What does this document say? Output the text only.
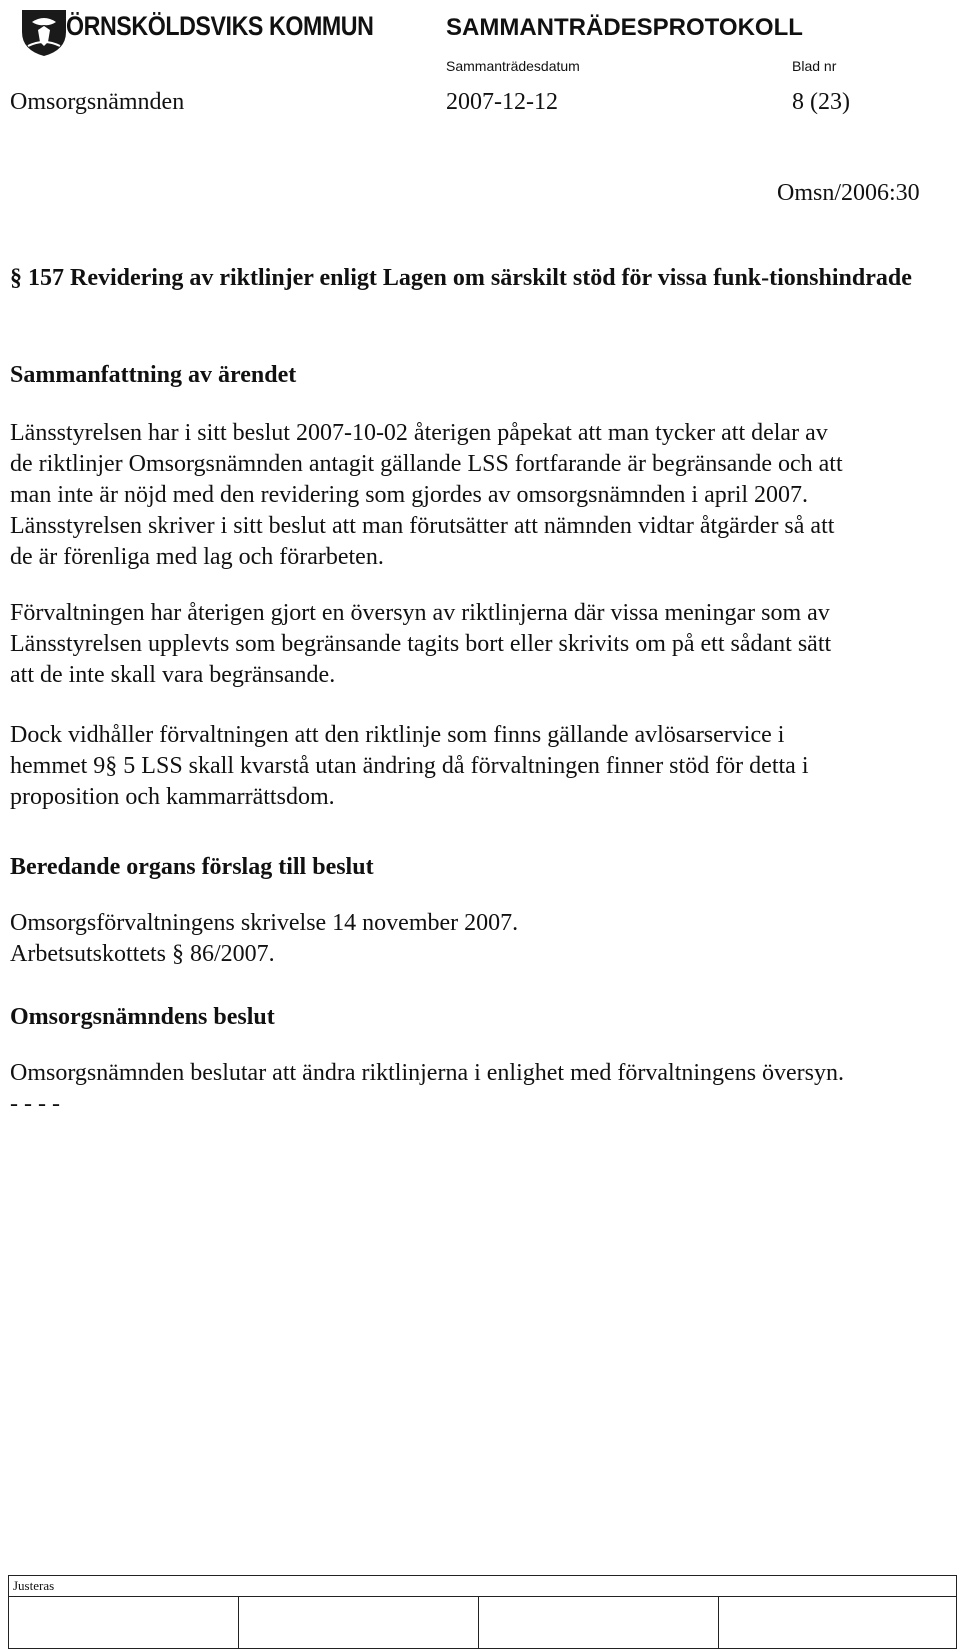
ÖRNSKÖLDSVIKS KOMMUN	SAMMANTRÄDESPROTOKOLL
Sammanträdesdatum	Blad nr
Omsorgsnämnden	2007-12-12	8 (23)
Omsn/2006:30
§ 157 Revidering av riktlinjer enligt Lagen om särskilt stöd för vissa funk-tionshindrade
Sammanfattning av ärendet
Länsstyrelsen har i sitt beslut 2007-10-02 återigen påpekat att man tycker att delar av
de riktlinjer Omsorgsnämnden antagit gällande LSS fortfarande är begränsande och att
man inte är nöjd med den revidering som gjordes av omsorgsnämnden i april 2007.
Länsstyrelsen skriver i sitt beslut att man förutsätter att nämnden vidtar åtgärder så att
de är förenliga med lag och förarbeten.
Förvaltningen har återigen gjort en översyn av riktlinjerna där vissa meningar som av
Länsstyrelsen upplevts som begränsande tagits bort eller skrivits om på ett sådant sätt
att de inte skall vara begränsande.
Dock vidhåller förvaltningen att den riktlinje som finns gällande avlösarservice i
hemmet 9§ 5 LSS skall kvarstå utan ändring då förvaltningen finner stöd för detta i
proposition och kammarrättsdom.
Beredande organs förslag till beslut
Omsorgsförvaltningens skrivelse 14 november 2007.
Arbetsutskottets § 86/2007.
Omsorgsnämndens beslut
Omsorgsnämnden beslutar att ändra riktlinjerna i enlighet med förvaltningens översyn.
- - - -
Justeras
